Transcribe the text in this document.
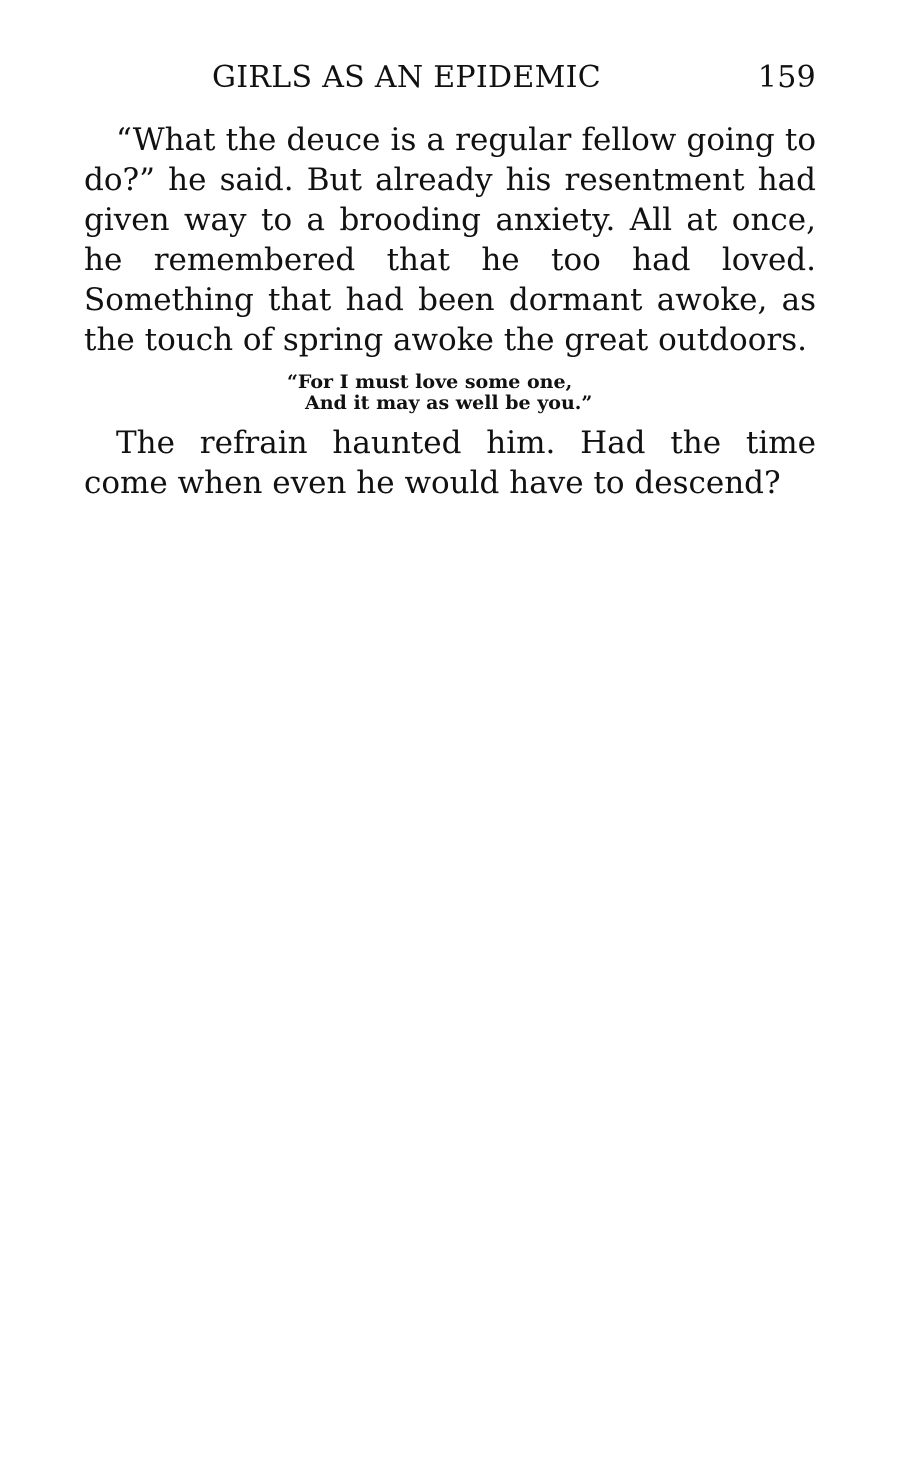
GIRLS AS AN EPIDEMIC	159

“What the deuce is a regular fellow going to do?” he said. But already his resentment had given way to a brooding anxiety. All at once, he remembered that he too had loved. Something that had been dormant awoke, as the touch of spring awoke the great outdoors.

“For I must love some one,
And it may as well be you.”

The refrain haunted him. Had the time come when even he would have to descend?
